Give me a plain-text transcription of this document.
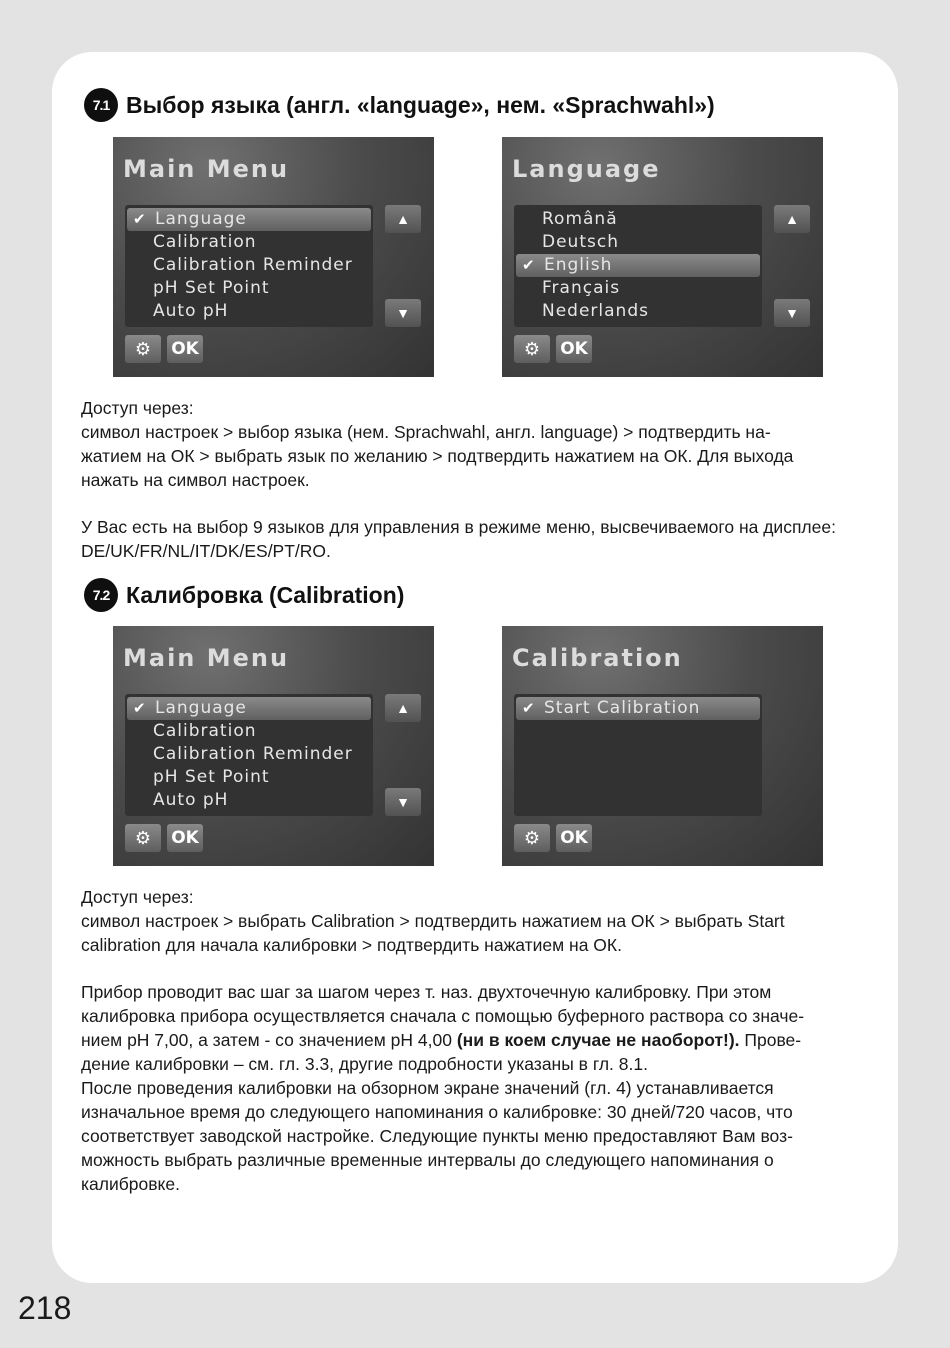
7.1 Выбор языка (англ. «language», нем. «Sprachwahl»)
Main Menu
✔ Language
Calibration
Calibration Reminder
pH Set Point
Auto pH
▲
▼
⚙ OK
Language
Română
Deutsch
✔ English
Français
Nederlands
▲
▼
⚙ OK
Доступ через:
символ настроек > выбор языка (нем. Sprachwahl, англ. language) > подтвердить на-
жатием на ОК > выбрать язык по желанию > подтвердить нажатием на ОК. Для выхода
нажать на символ настроек.
У Вас есть на выбор 9 языков для управления в режиме меню, высвечиваемого на дисплее:
DE/UK/FR/NL/IT/DK/ES/PT/RO.
7.2 Калибровка (Calibration)
Main Menu
✔ Language
Calibration
Calibration Reminder
pH Set Point
Auto pH
▲
▼
⚙ OK
Calibration
✔ Start Calibration
⚙ OK
Доступ через:
символ настроек > выбрать Calibration > подтвердить нажатием на ОК > выбрать Start
calibration для начала калибровки > подтвердить нажатием на ОК.
Прибор проводит вас шаг за шагом через т. наз. двухточечную калибровку. При этом
калибровка прибора осуществляется сначала с помощью буферного раствора со значе-
нием pH 7,00, а затем - со значением pH 4,00 (ни в коем случае не наоборот!). Прове-
дение калибровки – см. гл. 3.3, другие подробности указаны в гл. 8.1.
После проведения калибровки на обзорном экране значений (гл. 4) устанавливается
изначальное время до следующего напоминания о калибровке: 30 дней/720 часов, что
соответствует заводской настройке. Следующие пункты меню предоставляют Вам воз-
можность выбрать различные временные интервалы до следующего напоминания о
калибровке.
218
